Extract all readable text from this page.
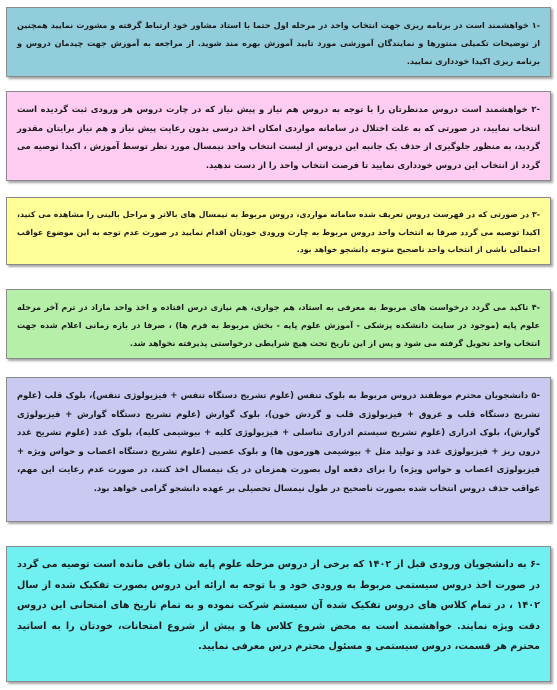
-۱ خواهشمند است در برنامه ریزی جهت انتخاب واحد در مرحله اول حتما با استاد مشاور خود ارتباط گرفته و مشورت نمایید همچنین از توضیحات تکمیلی منتورها و نمایندگان آموزشی مورد تایید آموزش بهره مند شوید. از مراجعه به آموزش جهت چیدمان دروس و برنامه ریزی اکیدا خودداری نمایید.
-۲ خواهشمند است دروس مدنظرتان را با توجه به دروس هم نیاز و پیش نیاز که در چارت دروس هر ورودی ثبت گردیده است انتخاب نمایید، در صورتی که به علت اختلال در سامانه مواردی امکان اخذ درسی بدون رعایت پیش نیاز و هم نیاز برایتان مقدور گردید، به منظور جلوگیری از حذف یک جانبه این دروس از لیست انتخاب واحد نیمسال مورد نظر توسط آموزش ، اکیدا توصیه می گردد از انتخاب این دروس خودداری نمایید تا فرصت انتخاب واحد را از دست ندهید.
-۳ در صورتی که در فهرست دروس تعریف شده سامانه مواردی، دروس مربوط به نیمسال های بالاتر و مراحل بالینی را مشاهده می کنید، اکیدا توصیه می گردد صرفا به انتخاب واحد دروس مربوط به چارت ورودی خودتان اقدام نمایید در صورت عدم توجه به این موضوع عواقب احتمالی ناشی از انتخاب واحد ناصحیح متوجه دانشجو خواهد بود.
-۴ تاکید می گردد درخواست های مربوط به معرفی به استاد، هم جواری، هم نیازی درس افتاده و اخذ واحد مازاد در ترم آخر مرحله علوم پایه (موجود در سایت دانشکده پزشکی - آموزش علوم پایه - بخش مربوط به فرم ها) ، صرفا در بازه زمانی اعلام شده جهت انتخاب واحد تحویل گرفته می شود و پس از این تاریخ تحت هیچ شرایطی درخواستی پذیرفته نخواهد شد.
-۵ دانشجویان محترم موظفند دروس مربوط به بلوک تنفس (علوم تشریح دستگاه تنفس + فیزیولوژی تنفس)، بلوک قلب (علوم تشریح دستگاه قلب و عروق + فیزیولوژی قلب و گردش خون)، بلوک گوارش (علوم تشریح دستگاه گوارش + فیزیولوژی گوارش)، بلوک ادراری (علوم تشریح سیستم ادراری تناسلی + فیزیولوژی کلیه + بیوشیمی کلیه)، بلوک غدد (علوم تشریح غدد درون ریز + فیزیولوژی غدد و تولید مثل + بیوشیمی هورمون ها) و بلوک عصبی (علوم تشریح دستگاه اعصاب و حواس ویژه + فیزیولوژی اعصاب و حواس ویژه) را برای دفعه اول بصورت همزمان در یک نیمسال اخذ کنند، در صورت عدم رعایت این مهم، عواقب حذف دروس انتخاب شده بصورت ناصحیح در طول نیمسال تحصیلی بر عهده دانشجو گرامی خواهد بود.
-۶ به دانشجویان ورودی قبل از ۱۴۰۲ که برخی از دروس مرحله علوم پایه شان باقی مانده است توصیه می گردد در صورت اخذ دروس سیستمی مربوط به ورودی خود و با توجه به ارائه این دروس بصورت تفکیک شده از سال ۱۴۰۲ ، در تمام کلاس های دروس تفکیک شده آن سیستم شرکت نموده و به تمام تاریخ های امتحانی این دروس دقت ویژه نمایند. خواهشمند است به محض شروع کلاس ها و پیش از شروع امتحانات، خودتان را به اساتید محترم هر قسمت، دروس سیستمی و مسئول محترم درس معرفی نمایید.
